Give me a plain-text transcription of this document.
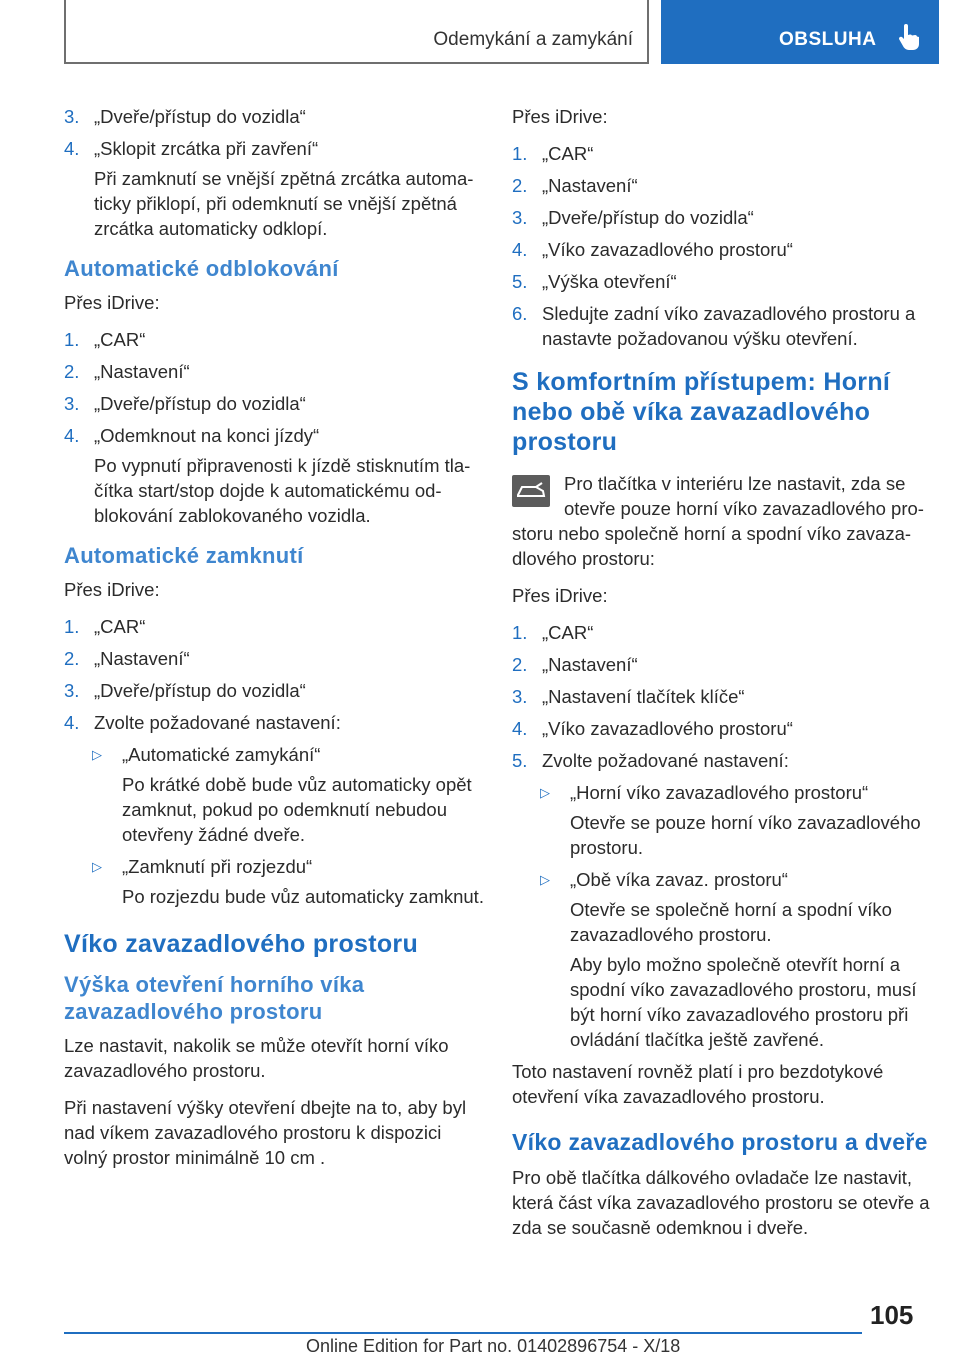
Odemykání a zamykání	OBSLUHA
3. „Dveře/přístup do vozidla“
4. „Sklopit zrcátka při zavření“
Při zamknutí se vnější zpětná zrcátka automaticky přiklopí, při odemknutí se vnější zpětná zrcátka automaticky odklopí.
Automatické odblokování
Přes iDrive:
1. „CAR“
2. „Nastavení“
3. „Dveře/přístup do vozidla“
4. „Odemknout na konci jízdy“
Po vypnutí připravenosti k jízdě stisknutím tlačítka start/stop dojde k automatickému odblokování zablokovaného vozidla.
Automatické zamknutí
Přes iDrive:
1. „CAR“
2. „Nastavení“
3. „Dveře/přístup do vozidla“
4. Zvolte požadované nastavení:
▷ „Automatické zamykání“
Po krátké době bude vůz automaticky opět zamknut, pokud po odemknutí nebudou otevřeny žádné dveře.
▷ „Zamknutí při rozjezdu“
Po rozjezdu bude vůz automaticky zamknut.
Víko zavazadlového prostoru
Výška otevření horního víka zavazadlového prostoru
Lze nastavit, nakolik se může otevřít horní víko zavazadlového prostoru.
Při nastavení výšky otevření dbejte na to, aby byl nad víkem zavazadlového prostoru k dispozici volný prostor minimálně 10 cm .
Přes iDrive:
1. „CAR“
2. „Nastavení“
3. „Dveře/přístup do vozidla“
4. „Víko zavazadlového prostoru“
5. „Výška otevření“
6. Sledujte zadní víko zavazadlového prostoru a nastavte požadovanou výšku otevření.
S komfortním přístupem: Horní nebo obě víka zavazadlového prostoru
Pro tlačítka v interiéru lze nastavit, zda se otevře pouze horní víko zavazadlového prostoru nebo společně horní a spodní víko zavazadlového prostoru:
Přes iDrive:
1. „CAR“
2. „Nastavení“
3. „Nastavení tlačítek klíče“
4. „Víko zavazadlového prostoru“
5. Zvolte požadované nastavení:
▷ „Horní víko zavazadlového prostoru“
Otevře se pouze horní víko zavazadlového prostoru.
▷ „Obě víka zavaz. prostoru“
Otevře se společně horní a spodní víko zavazadlového prostoru.
Aby bylo možno společně otevřít horní a spodní víko zavazadlového prostoru, musí být horní víko zavazadlového prostoru při ovládání tlačítka ještě zavřené.
Toto nastavení rovněž platí i pro bezdotykové otevření víka zavazadlového prostoru.
Víko zavazadlového prostoru a dveře
Pro obě tlačítka dálkového ovladače lze nastavit, která část víka zavazadlového prostoru se otevře a zda se současně odemknou i dveře.
105
Online Edition for Part no. 01402896754 - X/18
